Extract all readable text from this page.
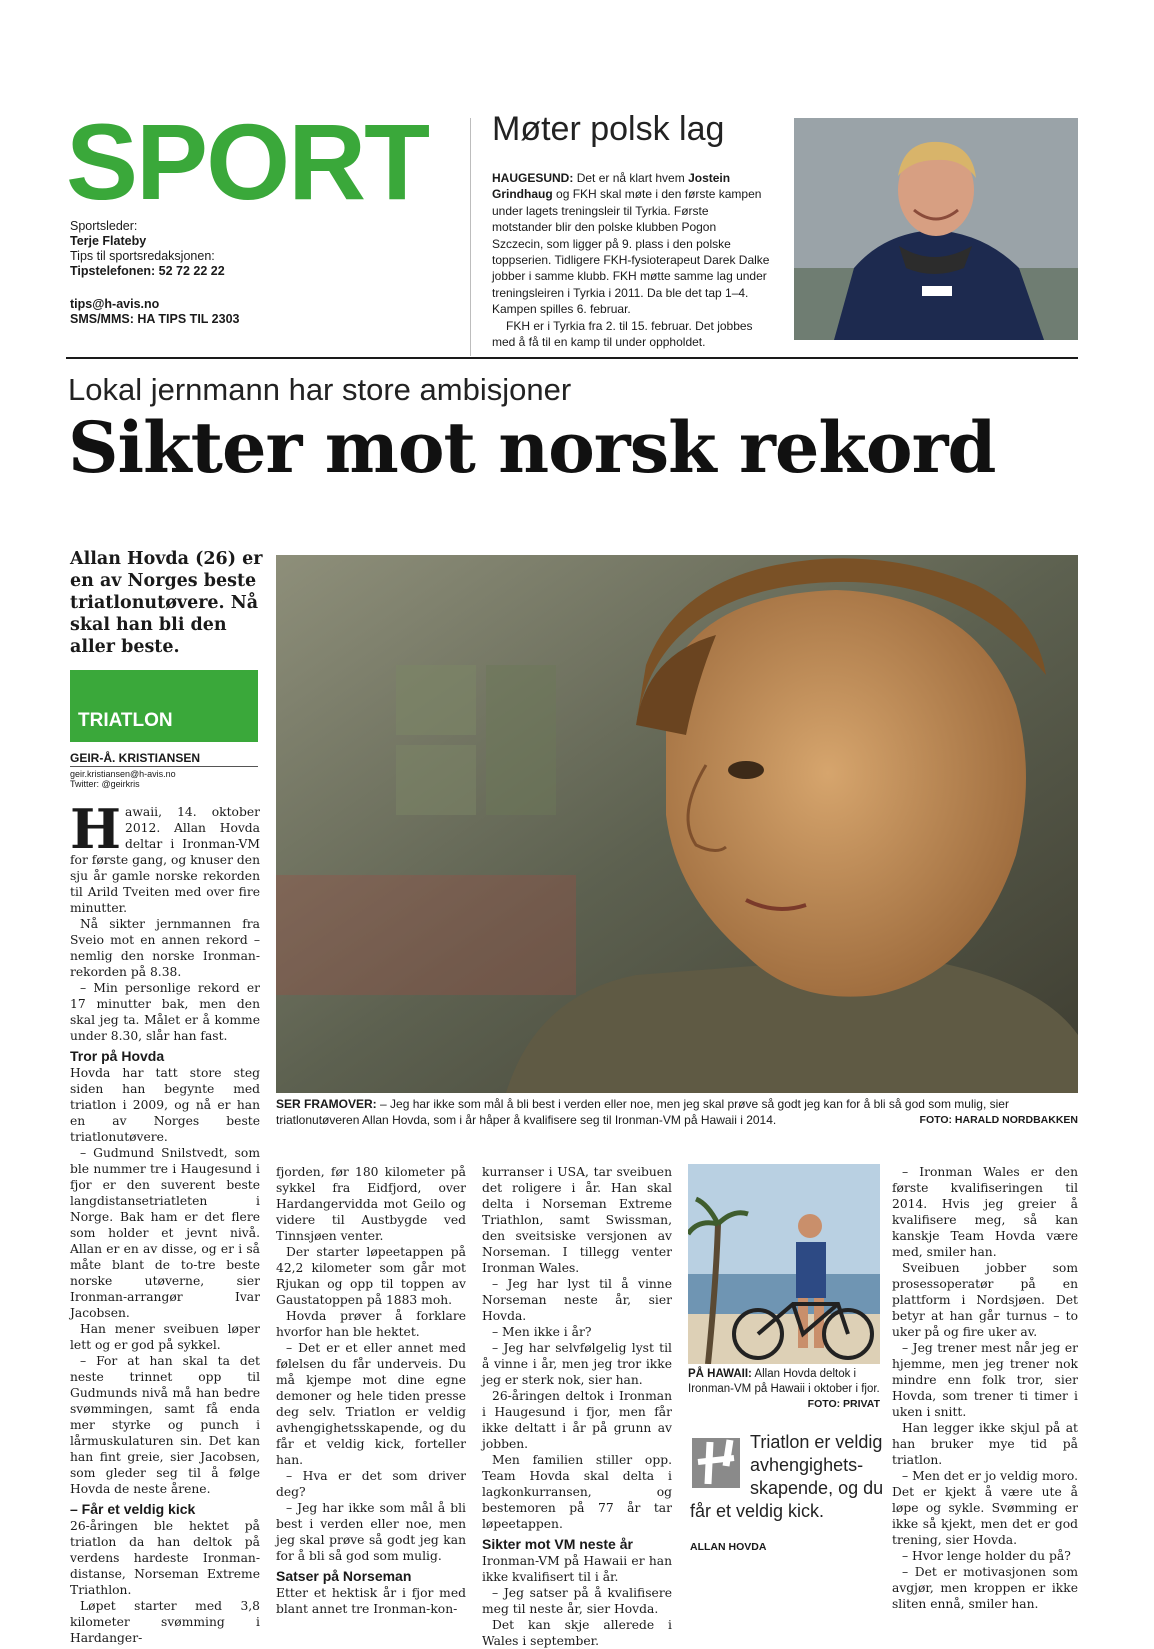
SPORT
Sportsleder:
Terje Flateby
Tips til sportsredaksjonen:
Tipstelefonen: 52 72 22 22
tips@h-avis.no
SMS/MMS: HA TIPS TIL 2303
Møter polsk lag

HAUGESUND: Det er nå klart hvem Jostein Grindhaug og FKH skal møte i den første kampen under lagets treningsleir til Tyrkia. Første motstander blir den polske klubben Pogon Szczecin, som ligger på 9. plass i den polske toppserien. Tidligere FKH-fysioterapeut Darek Dalke jobber i samme klubb. FKH møtte samme lag under treningsleiren i Tyrkia i 2011. Da ble det tap 1–4. Kampen spilles 6. februar.

FKH er i Tyrkia fra 2. til 15. februar. Det jobbes med å få til en kamp til under oppholdet.

Lokal jernmann har store ambisjoner
Sikter mot norsk rekord
Allan Hovda (26) er en av Norges beste triatlonutøvere. Nå skal han bli den aller beste.
TRIATLON
GEIR-Å. KRISTIANSEN
geir.kristiansen@h-avis.no
Twitter: @geirkris
H awaii, 14. oktober 2012. Allan Hovda deltar i Ironman-VM for første gang, og knuser den sju år gamle norske rekorden til Arild Tveiten med over fire minutter.

Nå sikter jernmannen fra Sveio mot en annen rekord – nemlig den norske Ironman-rekorden på 8.38.

– Min personlige rekord er 17 minutter bak, men den skal jeg ta. Målet er å komme under 8.30, slår han fast.

Tror på Hovda

Hovda har tatt store steg siden han begynte med triatlon i 2009, og nå er han en av Norges beste triatlonutøvere.

– Gudmund Snilstvedt, som ble nummer tre i Haugesund i fjor er den suverent beste langdistansetriatleten i Norge. Bak ham er det flere som holder et jevnt nivå. Allan er en av disse, og er i så måte blant de to-tre beste norske utøverne, sier Ironman-arrangør Ivar Jacobsen.

Han mener sveibuen løper lett og er god på sykkel.

– For at han skal ta det neste trinnet opp til Gudmunds nivå må han bedre svømmingen, samt få enda mer styrke og punch i lårmuskulaturen sin. Det kan han fint greie, sier Jacobsen, som gleder seg til å følge Hovda de neste årene.

– Får et veldig kick

26-åringen ble hektet på triatlon da han deltok på verdens hardeste Ironman-distanse, Norseman Extreme Triathlon.

Løpet starter med 3,8 kilometer svømming i Hardanger-

SER FRAMOVER: – Jeg har ikke som mål å bli best i verden eller noe, men jeg skal prøve så godt jeg kan for å bli så god som mulig, sier triatlonutøveren Allan Hovda, som i år håper å kvalifisere seg til Ironman-VM på Hawaii i 2014.	FOTO: HARALD NORDBAKKEN

fjorden, før 180 kilometer på sykkel fra Eidfjord, over Hardangervidda mot Geilo og videre til Austbygde ved Tinnsjøen venter.

Der starter løpeetappen på 42,2 kilometer som går mot Rjukan og opp til toppen av Gaustatoppen på 1883 moh.

Hovda prøver å forklare hvorfor han ble hektet.

– Det er et eller annet med følelsen du får underveis. Du må kjempe mot dine egne demoner og hele tiden presse deg selv. Triatlon er veldig avhengighetsskapende, og du får et veldig kick, forteller han.

– Hva er det som driver deg?

– Jeg har ikke som mål å bli best i verden eller noe, men jeg skal prøve så godt jeg kan for å bli så god som mulig.

Satser på Norseman

Etter et hektisk år i fjor med blant annet tre Ironman-kon-

kurranser i USA, tar sveibuen det roligere i år. Han skal delta i Norseman Extreme Triathlon, samt Swissman, den sveitsiske versjonen av Norseman. I tillegg venter Ironman Wales.

– Jeg har lyst til å vinne Norseman neste år, sier Hovda.

– Men ikke i år?

– Jeg har selvfølgelig lyst til å vinne i år, men jeg tror ikke jeg er sterk nok, sier han.

26-åringen deltok i Ironman i Haugesund i fjor, men får ikke deltatt i år på grunn av jobben.

Men familien stiller opp. Team Hovda skal delta i lagkonkurransen, og bestemoren på 77 år tar løpeetappen.

Sikter mot VM neste år

Ironman-VM på Hawaii er han ikke kvalifisert til i år.

– Jeg satser på å kvalifisere meg til neste år, sier Hovda.

Det kan skje allerede i Wales i september.

PÅ HAWAII: Allan Hovda deltok i Ironman-VM på Hawaii i oktober i fjor.
FOTO: PRIVAT
Triatlon er veldig avhengighets-skapende, og du får et veldig kick.
ALLAN HOVDA

– Ironman Wales er den første kvalifiseringen til 2014. Hvis jeg greier å kvalifisere meg, så kan kanskje Team Hovda være med, smiler han.

Sveibuen jobber som prosessoperatør på en plattform i Nordsjøen. Det betyr at han går turnus – to uker på og fire uker av.

– Jeg trener mest når jeg er hjemme, men jeg trener nok mindre enn folk tror, sier Hovda, som trener ti timer i uken i snitt.

Han legger ikke skjul på at han bruker mye tid på triatlon.

– Men det er jo veldig moro. Det er kjekt å være ute å løpe og sykle. Svømming er ikke så kjekt, men det er god trening, sier Hovda.

– Hvor lenge holder du på?

– Det er motivasjonen som avgjør, men kroppen er ikke sliten ennå, smiler han.
